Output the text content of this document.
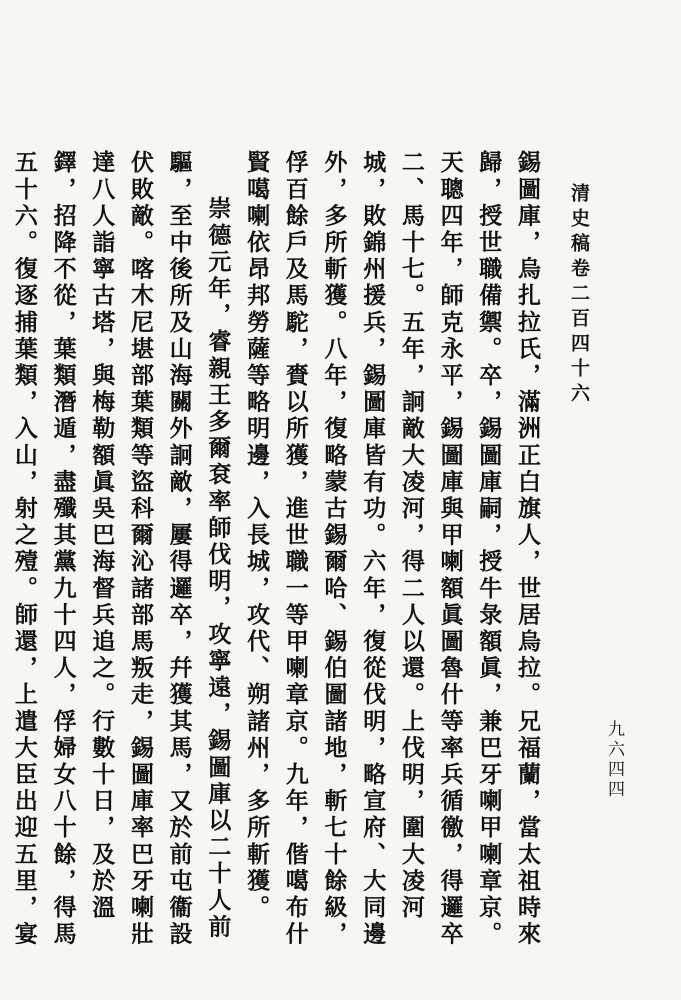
清史稿卷二百四十六
九六四四

錫圖庫，烏扎拉氏，滿洲正白旗人，世居烏拉。兄福蘭，當太祖時來歸，授世職備禦。卒，錫圖庫嗣，授牛彔額眞，兼巴牙喇甲喇章京。天聰四年，師克永平，錫圖庫與甲喇額眞圖魯什等率兵循徼，得邏卒二、馬十七。五年，詗敵大凌河，得二人以還。上伐明，圍大凌河城，敗錦州援兵，錫圖庫皆有功。六年，復從伐明，略宣府、大同邊外，多所斬獲。八年，復略蒙古錫爾哈、錫伯圖諸地，斬七十餘級，俘百餘戶及馬駝，賚以所獲，進世職一等甲喇章京。九年，偕噶布什賢噶喇依昂邦勞薩等略明邊，入長城，攻代、朔諸州，多所斬獲。

崇德元年，睿親王多爾袞率師伐明，攻寧遠，錫圖庫以二十人前驅，至中後所及山海關外詗敵，屢得邏卒，幷獲其馬，又於前屯衞設伏敗敵。喀木尼堪部葉類等盜科爾沁諸部馬叛走，錫圖庫率巴牙喇壯達八人詣寧古塔，與梅勒額眞吳巴海督兵追之。行數十日，及於溫鐸，招降不從，葉類潛遁，盡殲其黨九十四人，俘婦女八十餘，得馬五十六。復逐捕葉類，入山，射之殪。師還，上遣大臣出迎五里，宴
